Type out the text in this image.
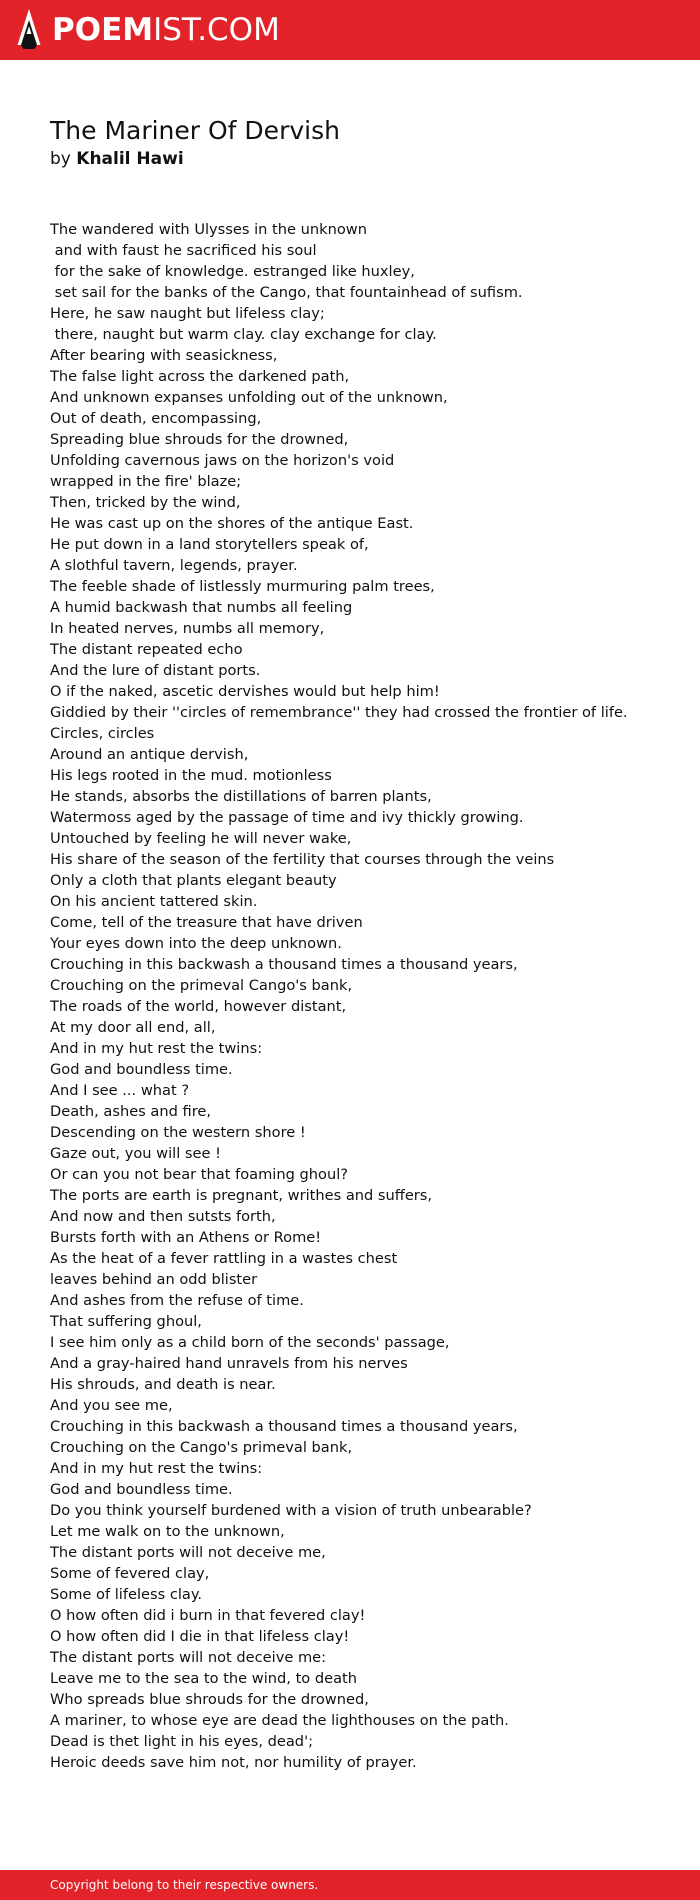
POEM IST.COM
The Mariner Of Dervish
by Khalil Hawi
The wandered with Ulysses in the unknown
and with faust he sacrificed his soul
for the sake of knowledge. estranged like huxley,
set sail for the banks of the Cango, that fountainhead of sufism.
Here, he saw naught but lifeless clay;
there, naught but warm clay. clay exchange for clay.
After bearing with seasickness,
The false light across the darkened path,
And unknown expanses unfolding out of the unknown,
Out of death, encompassing,
Spreading blue shrouds for the drowned,
Unfolding cavernous jaws on the horizon's void
wrapped in the fire' blaze;
Then, tricked by the wind,
He was cast up on the shores of the antique East.
He put down in a land storytellers speak of,
A slothful tavern, legends, prayer.
The feeble shade of listlessly murmuring palm trees,
A humid backwash that numbs all feeling
In heated nerves, numbs all memory,
The distant repeated echo
And the lure of distant ports.
O if the naked, ascetic dervishes would but help him!
Giddied by their ''circles of remembrance'' they had crossed the frontier of life.
Circles, circles
Around an antique dervish,
His legs rooted in the mud. motionless
He stands, absorbs the distillations of barren plants,
Watermoss aged by the passage of time and ivy thickly growing.
Untouched by feeling he will never wake,
His share of the season of the fertility that courses through the veins
Only a cloth that plants elegant beauty
On his ancient tattered skin.
Come, tell of the treasure that have driven
Your eyes down into the deep unknown.
Crouching in this backwash a thousand times a thousand years,
Crouching on the primeval Cango's bank,
The roads of the world, however distant,
At my door all end, all,
And in my hut rest the twins:
God and boundless time.
And I see ... what ?
Death, ashes and fire,
Descending on the western shore !
Gaze out, you will see !
Or can you not bear that foaming ghoul?
The ports are earth is pregnant, writhes and suffers,
And now and then sutsts forth,
Bursts forth with an Athens or Rome!
As the heat of a fever rattling in a wastes chest
leaves behind an odd blister
And ashes from the refuse of time.
That suffering ghoul,
I see him only as a child born of the seconds' passage,
And a gray-haired hand unravels from his nerves
His shrouds, and death is near.
And you see me,
Crouching in this backwash a thousand times a thousand years,
Crouching on the Cango's primeval bank,
And in my hut rest the twins:
God and boundless time.
Do you think yourself burdened with a vision of truth unbearable?
Let me walk on to the unknown,
The distant ports will not deceive me,
Some of fevered clay,
Some of lifeless clay.
O how often did i burn in that fevered clay!
O how often did I die in that lifeless clay!
The distant ports will not deceive me:
Leave me to the sea to the wind, to death
Who spreads blue shrouds for the drowned,
A mariner, to whose eye are dead the lighthouses on the path.
Dead is thet light in his eyes, dead';
Heroic deeds save him not, nor humility of prayer.
Copyright belong to their respective owners.
